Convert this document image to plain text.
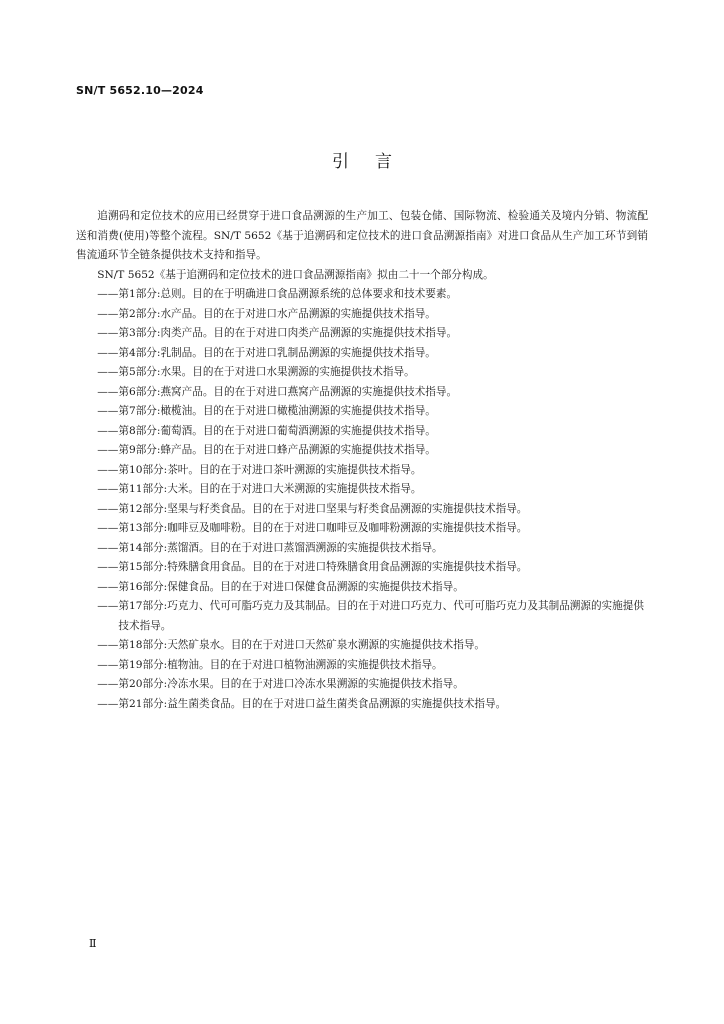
SN/T 5652.10—2024
引言

追溯码和定位技术的应用已经贯穿于进口食品溯源的生产加工、包装仓储、国际物流、检验通关及境内分销、物流配送和消费(使用)等整个流程。SN/T 5652《基于追溯码和定位技术的进口食品溯源指南》对进口食品从生产加工环节到销售流通环节全链条提供技术支持和指导。

SN/T 5652《基于追溯码和定位技术的进口食品溯源指南》拟由二十一个部分构成。

——第1部分:总则。目的在于明确进口食品溯源系统的总体要求和技术要素。
——第2部分:水产品。目的在于对进口水产品溯源的实施提供技术指导。
——第3部分:肉类产品。目的在于对进口肉类产品溯源的实施提供技术指导。
——第4部分:乳制品。目的在于对进口乳制品溯源的实施提供技术指导。
——第5部分:水果。目的在于对进口水果溯源的实施提供技术指导。
——第6部分:燕窝产品。目的在于对进口燕窝产品溯源的实施提供技术指导。
——第7部分:橄榄油。目的在于对进口橄榄油溯源的实施提供技术指导。
——第8部分:葡萄酒。目的在于对进口葡萄酒溯源的实施提供技术指导。
——第9部分:蜂产品。目的在于对进口蜂产品溯源的实施提供技术指导。
——第10部分:茶叶。目的在于对进口茶叶溯源的实施提供技术指导。
——第11部分:大米。目的在于对进口大米溯源的实施提供技术指导。
——第12部分:坚果与籽类食品。目的在于对进口坚果与籽类食品溯源的实施提供技术指导。
——第13部分:咖啡豆及咖啡粉。目的在于对进口咖啡豆及咖啡粉溯源的实施提供技术指导。
——第14部分:蒸馏酒。目的在于对进口蒸馏酒溯源的实施提供技术指导。
——第15部分:特殊膳食用食品。目的在于对进口特殊膳食用食品溯源的实施提供技术指导。
——第16部分:保健食品。目的在于对进口保健食品溯源的实施提供技术指导。
——第17部分:巧克力、代可可脂巧克力及其制品。目的在于对进口巧克力、代可可脂巧克力及其制品溯源的实施提供技术指导。
——第18部分:天然矿泉水。目的在于对进口天然矿泉水溯源的实施提供技术指导。
——第19部分:植物油。目的在于对进口植物油溯源的实施提供技术指导。
——第20部分:冷冻水果。目的在于对进口冷冻水果溯源的实施提供技术指导。
——第21部分:益生菌类食品。目的在于对进口益生菌类食品溯源的实施提供技术指导。
Ⅱ
